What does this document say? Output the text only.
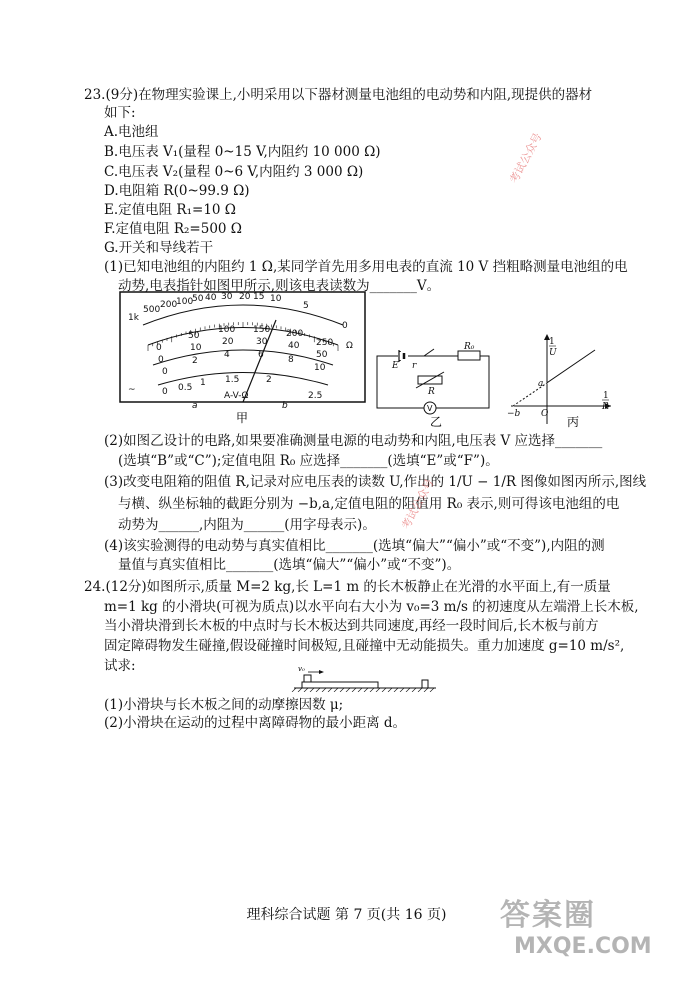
23.(9分)在物理实验课上,小明采用以下器材测量电池组的电动势和内阻,现提供的器材
如下:
A.电池组
B.电压表 V₁(量程 0~15 V,内阻约 10 000 Ω)
C.电压表 V₂(量程 0~6 V,内阻约 3 000 Ω)
D.电阻箱 R(0~99.9 Ω)
E.定值电阻 R₁=10 Ω
F.定值电阻 R₂=500 Ω
G.开关和导线若干
(1)已知电池组的内阻约 1 Ω,某同学首先用多用电表的直流 10 V 挡粗略测量电池组的电
动势,电表指针如图甲所示,则该电表读数为_______V。
1k
500 200
100
50 40 30 20 15 10
5
0
Ω
0
50
100 150 200
250
0
10
20	30 40
50
0
2
4	6	8
10
0 0.5 1 1.5	2
2.5
~
A-V-Ω
a	b
甲
E r
R₀
R
V
乙
1
U
1
R
a
−b O
丙
(2)如图乙设计的电路,如果要准确测量电源的电动势和内阻,电压表 V 应选择_______
(选填“B”或“C”);定值电阻 R₀ 应选择_______(选填“E”或“F”)。
(3)改变电阻箱的阻值 R,记录对应电压表的读数 U,作出的 1/U − 1/R 图像如图丙所示,图线
与横、纵坐标轴的截距分别为 −b,a,定值电阻的阻值用 R₀ 表示,则可得该电池组的电
动势为______,内阻为______(用字母表示)。
(4)该实验测得的电动势与真实值相比_______(选填“偏大”“偏小”或“不变”),内阻的测
量值与真实值相比_______(选填“偏大”“偏小”或“不变”)。
24.(12分)如图所示,质量 M=2 kg,长 L=1 m 的长木板静止在光滑的水平面上,有一质量
m=1 kg 的小滑块(可视为质点)以水平向右大小为 v₀=3 m/s 的初速度从左端滑上长木板,
当小滑块滑到长木板的中点时与长木板达到共同速度,再经一段时间后,长木板与前方
固定障碍物发生碰撞,假设碰撞时间极短,且碰撞中无动能损失。重力加速度 g=10 m/s²,
试求:	v₀
(1)小滑块与长木板之间的动摩擦因数 μ;
(2)小滑块在运动的过程中离障碍物的最小距离 d。
考试公众号
考试公众号
理科综合试题 第 7 页(共 16 页)	答案圈
MXQE.COM
